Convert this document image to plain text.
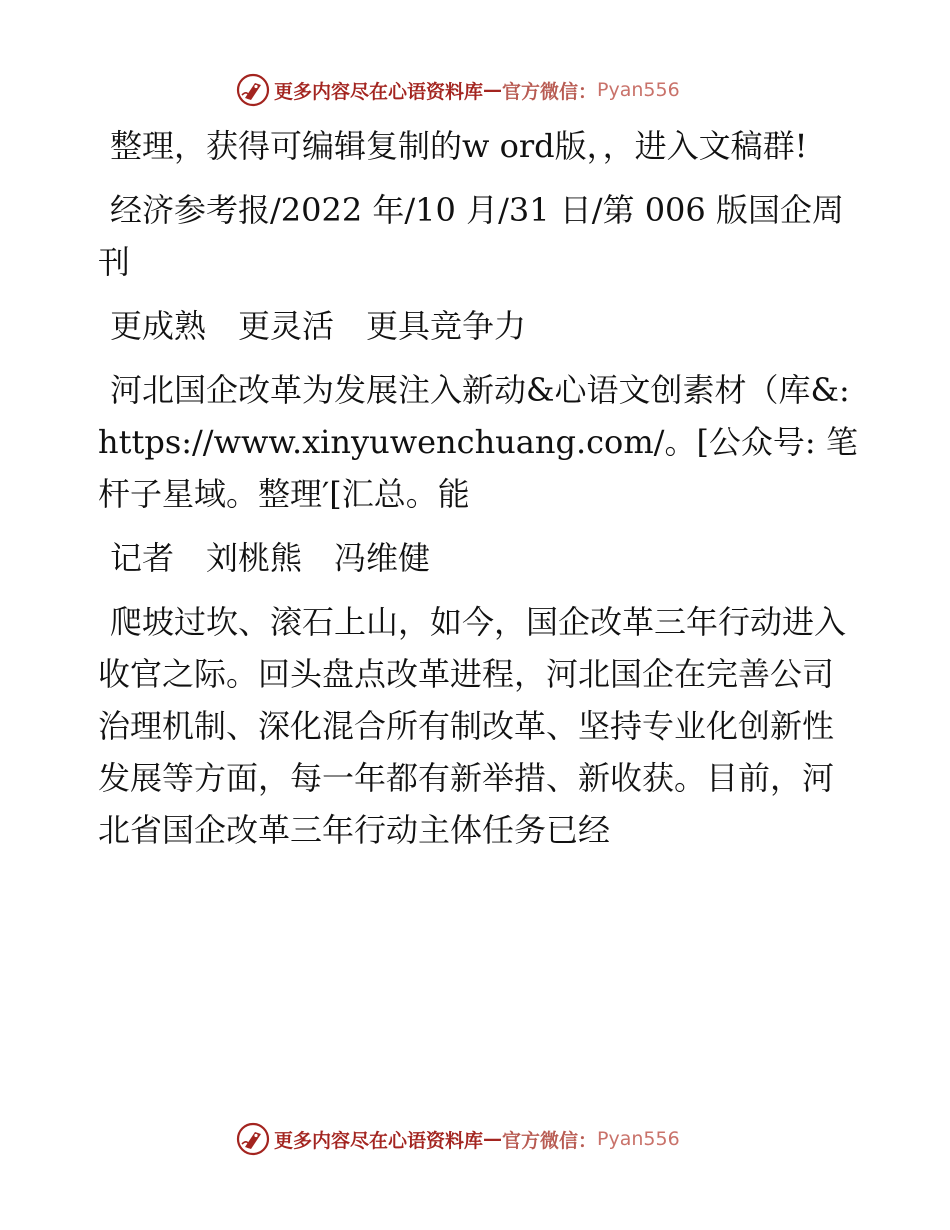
更多内容尽在心语资料库 — 官方微信： Pyan556

整理，获得可编辑复制的w ord版，，进入文稿群!

经济参考报/2022 年/10 月/31 日/第 006 版国企周刊

更成熟　更灵活　更具竞争力

河北国企改革为发展注入新动&心语文创素材（库&: https://www.xinyuwenchuang.com/。[公众号: 笔杆子星域。整理′[汇总。能

记者　刘桃熊　冯维健

爬坡过坎、滚石上山，如今，国企改革三年行动进入收官之际。回头盘点改革进程，河北国企在完善公司治理机制、深化混合所有制改革、坚持专业化创新性发展等方面，每一年都有新举措、新收获。目前，河北省国企改革三年行动主体任务已经

更多内容尽在心语资料库 — 官方微信： Pyan556
